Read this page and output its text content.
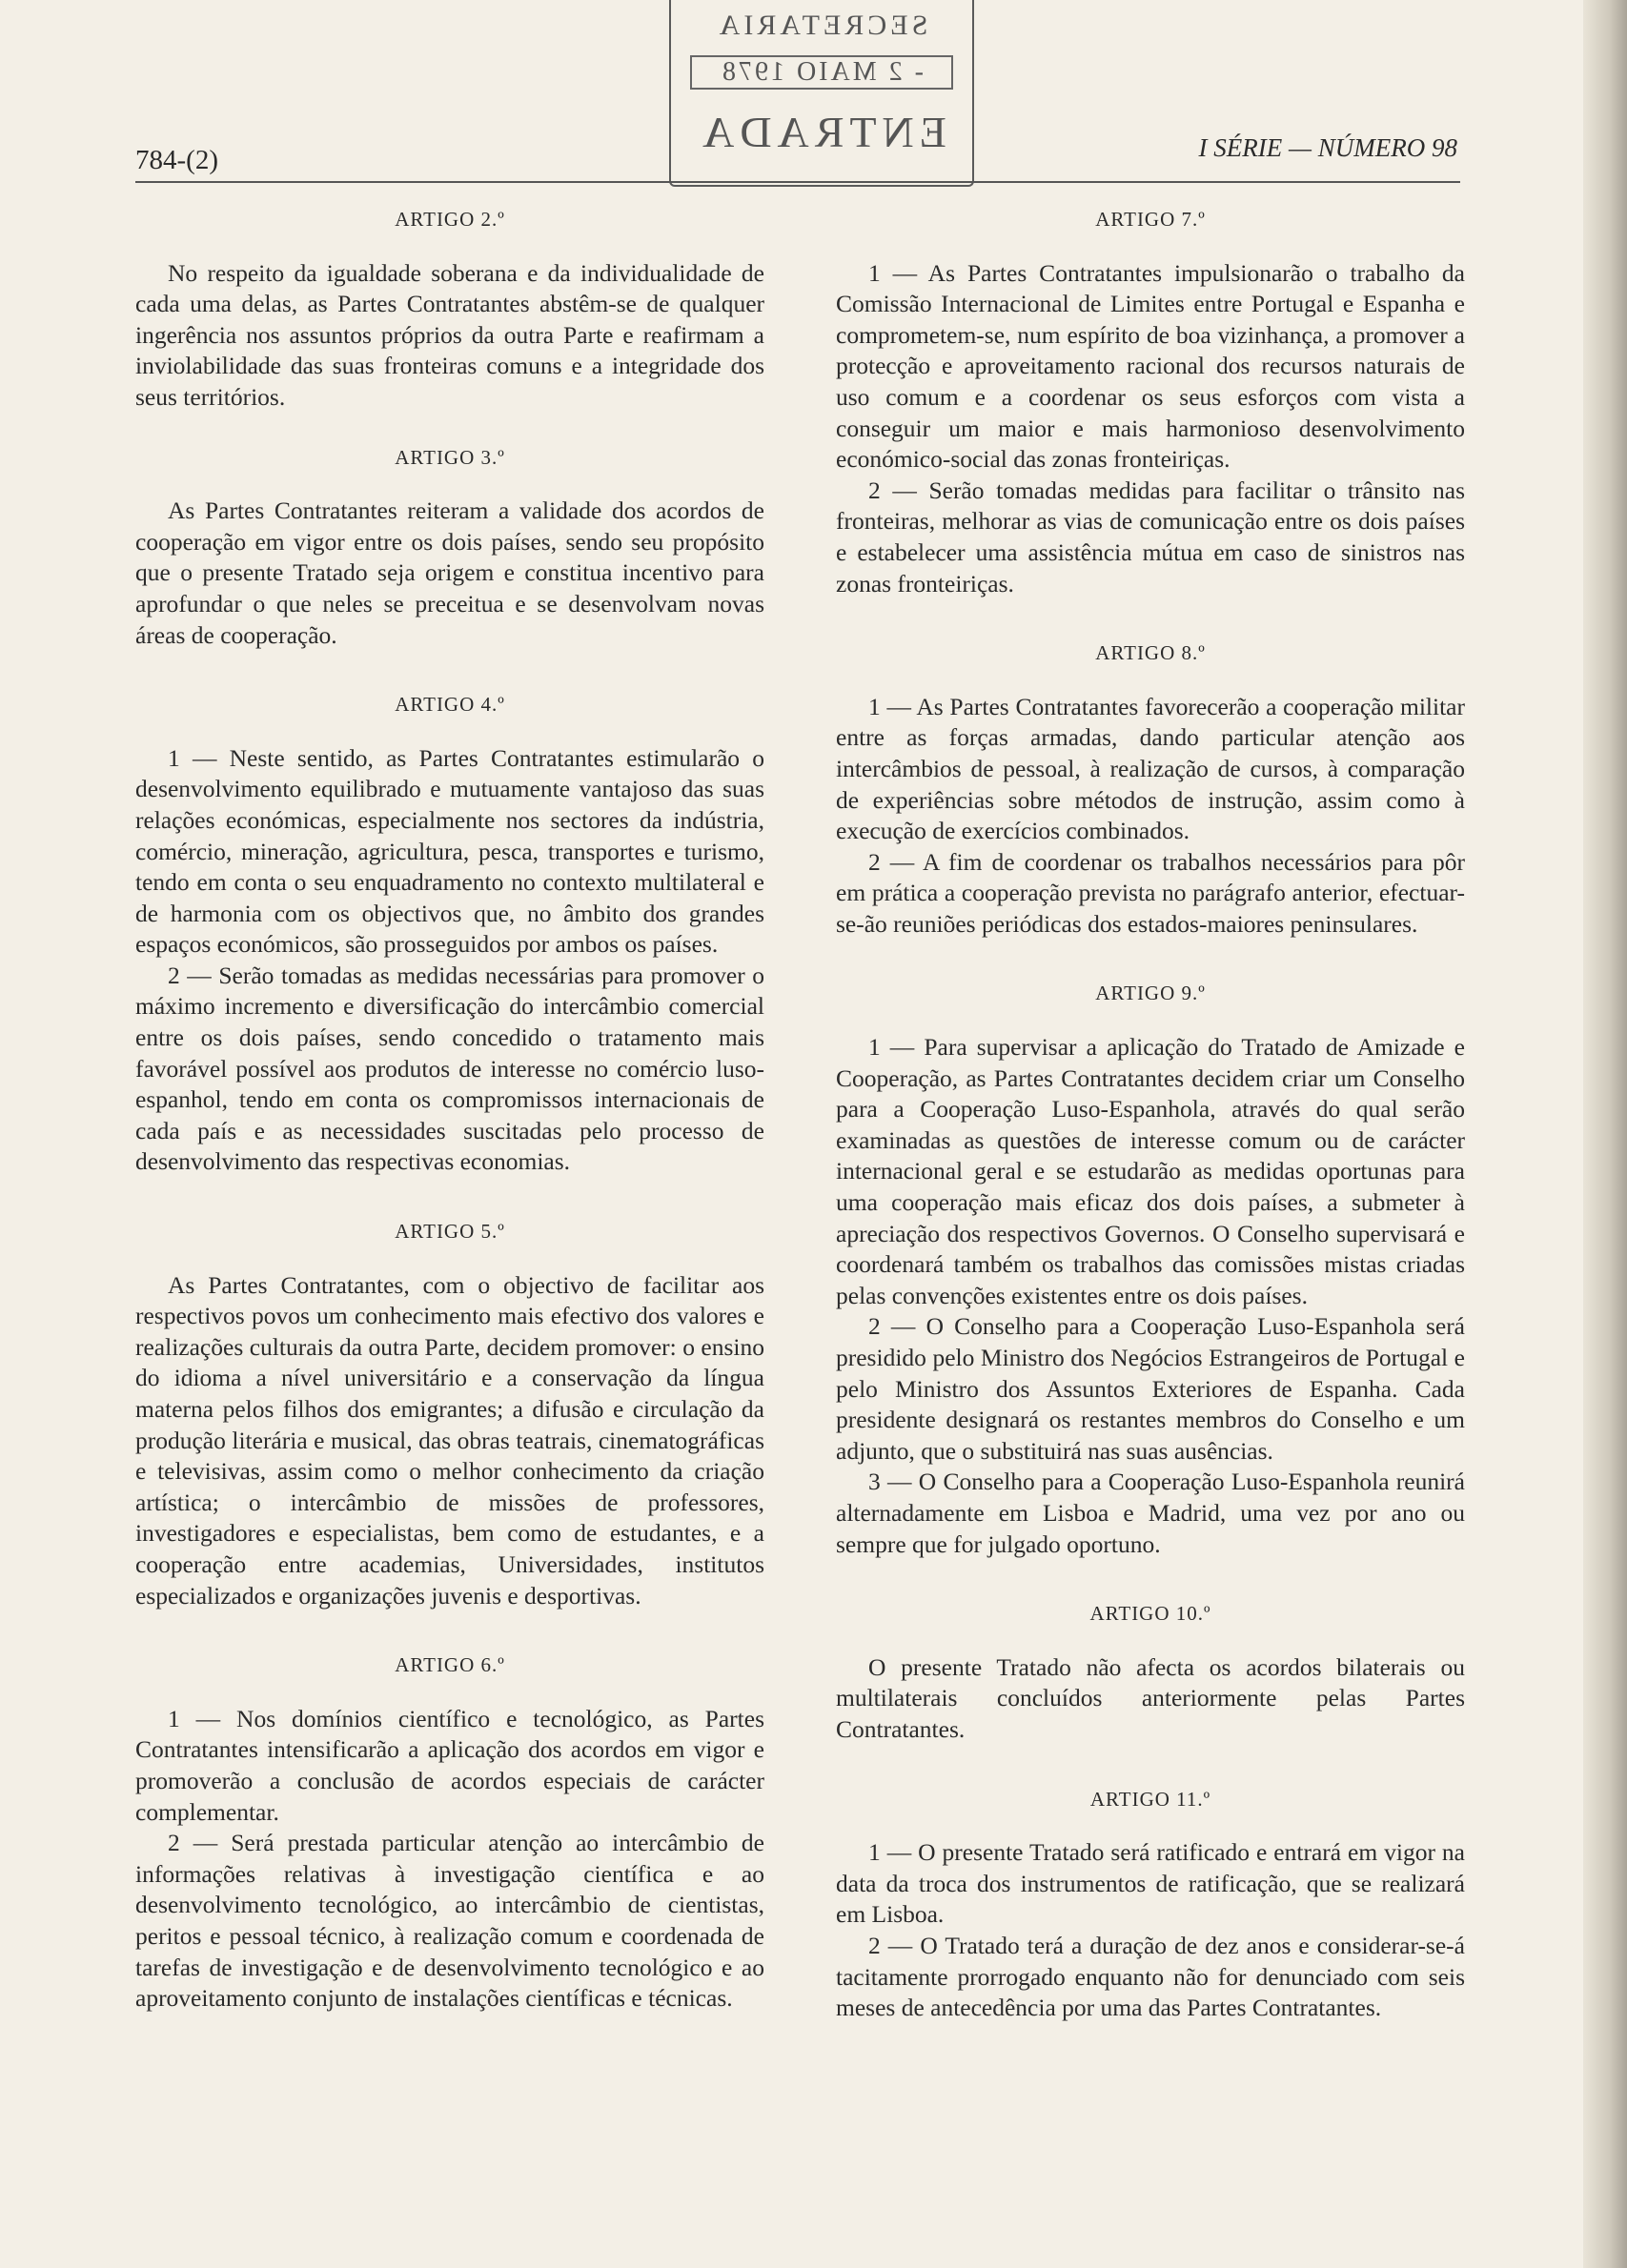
SECRETARIA
- 2 MAIO 1978
ENTRADA
784-(2)	I SÉRIE — NÚMERO 98
ARTIGO 2.º

No respeito da igualdade soberana e da individualidade de cada uma delas, as Partes Contratantes abstêm-se de qualquer ingerência nos assuntos próprios da outra Parte e reafirmam a inviolabilidade das suas fronteiras comuns e a integridade dos seus territórios.

ARTIGO 3.º

As Partes Contratantes reiteram a validade dos acordos de cooperação em vigor entre os dois países, sendo seu propósito que o presente Tratado seja origem e constitua incentivo para aprofundar o que neles se preceitua e se desenvolvam novas áreas de cooperação.

ARTIGO 4.º

1 — Neste sentido, as Partes Contratantes estimularão o desenvolvimento equilibrado e mutuamente vantajoso das suas relações económicas, especialmente nos sectores da indústria, comércio, mineração, agricultura, pesca, transportes e turismo, tendo em conta o seu enquadramento no contexto multilateral e de harmonia com os objectivos que, no âmbito dos grandes espaços económicos, são prosseguidos por ambos os países.

2 — Serão tomadas as medidas necessárias para promover o máximo incremento e diversificação do intercâmbio comercial entre os dois países, sendo concedido o tratamento mais favorável possível aos produtos de interesse no comércio luso-espanhol, tendo em conta os compromissos internacionais de cada país e as necessidades suscitadas pelo processo de desenvolvimento das respectivas economias.

ARTIGO 5.º

As Partes Contratantes, com o objectivo de facilitar aos respectivos povos um conhecimento mais efectivo dos valores e realizações culturais da outra Parte, decidem promover: o ensino do idioma a nível universitário e a conservação da língua materna pelos filhos dos emigrantes; a difusão e circulação da produção literária e musical, das obras teatrais, cinematográficas e televisivas, assim como o melhor conhecimento da criação artística; o intercâmbio de missões de professores, investigadores e especialistas, bem como de estudantes, e a cooperação entre academias, Universidades, institutos especializados e organizações juvenis e desportivas.

ARTIGO 6.º

1 — Nos domínios científico e tecnológico, as Partes Contratantes intensificarão a aplicação dos acordos em vigor e promoverão a conclusão de acordos especiais de carácter complementar.

2 — Será prestada particular atenção ao intercâmbio de informações relativas à investigação científica e ao desenvolvimento tecnológico, ao intercâmbio de cientistas, peritos e pessoal técnico, à realização comum e coordenada de tarefas de investigação e de desenvolvimento tecnológico e ao aproveitamento conjunto de instalações científicas e técnicas.

ARTIGO 7.º

1 — As Partes Contratantes impulsionarão o trabalho da Comissão Internacional de Limites entre Portugal e Espanha e comprometem-se, num espírito de boa vizinhança, a promover a protecção e aproveitamento racional dos recursos naturais de uso comum e a coordenar os seus esforços com vista a conseguir um maior e mais harmonioso desenvolvimento económico-social das zonas fronteiriças.

2 — Serão tomadas medidas para facilitar o trânsito nas fronteiras, melhorar as vias de comunicação entre os dois países e estabelecer uma assistência mútua em caso de sinistros nas zonas fronteiriças.

ARTIGO 8.º

1 — As Partes Contratantes favorecerão a cooperação militar entre as forças armadas, dando particular atenção aos intercâmbios de pessoal, à realização de cursos, à comparação de experiências sobre métodos de instrução, assim como à execução de exercícios combinados.

2 — A fim de coordenar os trabalhos necessários para pôr em prática a cooperação prevista no parágrafo anterior, efectuar-se-ão reuniões periódicas dos estados-maiores peninsulares.

ARTIGO 9.º

1 — Para supervisar a aplicação do Tratado de Amizade e Cooperação, as Partes Contratantes decidem criar um Conselho para a Cooperação Luso-Espanhola, através do qual serão examinadas as questões de interesse comum ou de carácter internacional geral e se estudarão as medidas oportunas para uma cooperação mais eficaz dos dois países, a submeter à apreciação dos respectivos Governos. O Conselho supervisará e coordenará também os trabalhos das comissões mistas criadas pelas convenções existentes entre os dois países.

2 — O Conselho para a Cooperação Luso-Espanhola será presidido pelo Ministro dos Negócios Estrangeiros de Portugal e pelo Ministro dos Assuntos Exteriores de Espanha. Cada presidente designará os restantes membros do Conselho e um adjunto, que o substituirá nas suas ausências.

3 — O Conselho para a Cooperação Luso-Espanhola reunirá alternadamente em Lisboa e Madrid, uma vez por ano ou sempre que for julgado oportuno.

ARTIGO 10.º

O presente Tratado não afecta os acordos bilaterais ou multilaterais concluídos anteriormente pelas Partes Contratantes.

ARTIGO 11.º

1 — O presente Tratado será ratificado e entrará em vigor na data da troca dos instrumentos de ratificação, que se realizará em Lisboa.

2 — O Tratado terá a duração de dez anos e considerar-se-á tacitamente prorrogado enquanto não for denunciado com seis meses de antecedência por uma das Partes Contratantes.
